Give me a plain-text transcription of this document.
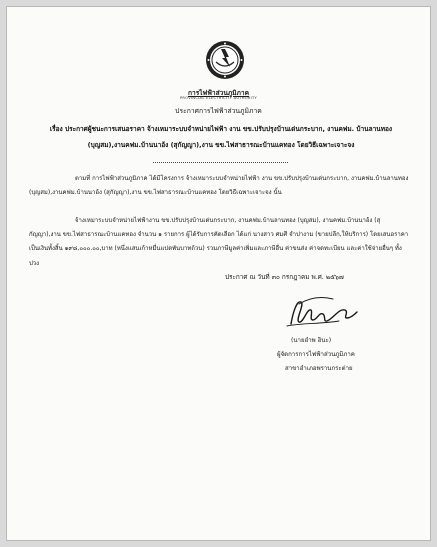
การไฟฟ้าส่วนภูมิภาค
PROVINCIAL ELECTRICITY AUTHORITY
ประกาศการไฟฟ้าส่วนภูมิภาค
เรื่อง ประกาศผู้ชนะการเสนอราคา จ้างเหมาระบบจำหน่ายไฟฟ้า งาน ขข.ปรับปรุงบ้านเด่นกระบาก, งานคฟม. บ้านลานทอง (บุญสม),งานคฟม.บ้านนาอ้ง (สุกัญญา),งาน ขข.ไฟสาธารณะบ้านแคทอง โดยวิธีเฉพาะเจาะจง
ตามที่ การไฟฟ้าส่วนภูมิภาค ได้มีโครงการ จ้างเหมาระบบจำหน่ายไฟฟ้า งาน ขข.ปรับปรุงบ้านเด่นกระบาก, งานคฟม.บ้านลานทอง (บุญสม),งานคฟม.บ้านนาอ้ง (สุกัญญา),งาน ขข.ไฟสาธารณะบ้านแคทอง โดยวิธีเฉพาะเจาะจง นั้น
จ้างเหมาระบบจำหน่ายไฟฟ้างาน ขข.ปรับปรุงบ้านเด่นกระบาก, งานคฟม.บ้านลานทอง (บุญสม), งานคฟม.บ้านนาอ้ง (สุกัญญา),งาน ขข.ไฟสาธารณะบ้านแคทอง จำนวน ๑ รายการ ผู้ได้รับการคัดเลือก ได้แก่ นางสาว ศมศี จำปางาม (ขายปลีก,ให้บริการ) โดยเสนอราคา เป็นเงินทั้งสิ้น ๑๙๘,๐๐๐.๐๐,บาท (หนึ่งแสนเก้าหมื่นแปดพันบาทถ้วน) รวมภาษีมูลค่าเพิ่มและภาษีอื่น ค่าขนส่ง ค่าจดทะเบียน และค่าใช้จ่ายอื่นๆ ทั้งปวง
ประกาศ ณ วันที่ ๓๐ กรกฎาคม พ.ศ. ๒๕๖๗
(นายอำพ ฮินะ)
ผู้จัดการการไฟฟ้าส่วนภูมิภาค
สาขาอำเภอพรานกระต่าย
